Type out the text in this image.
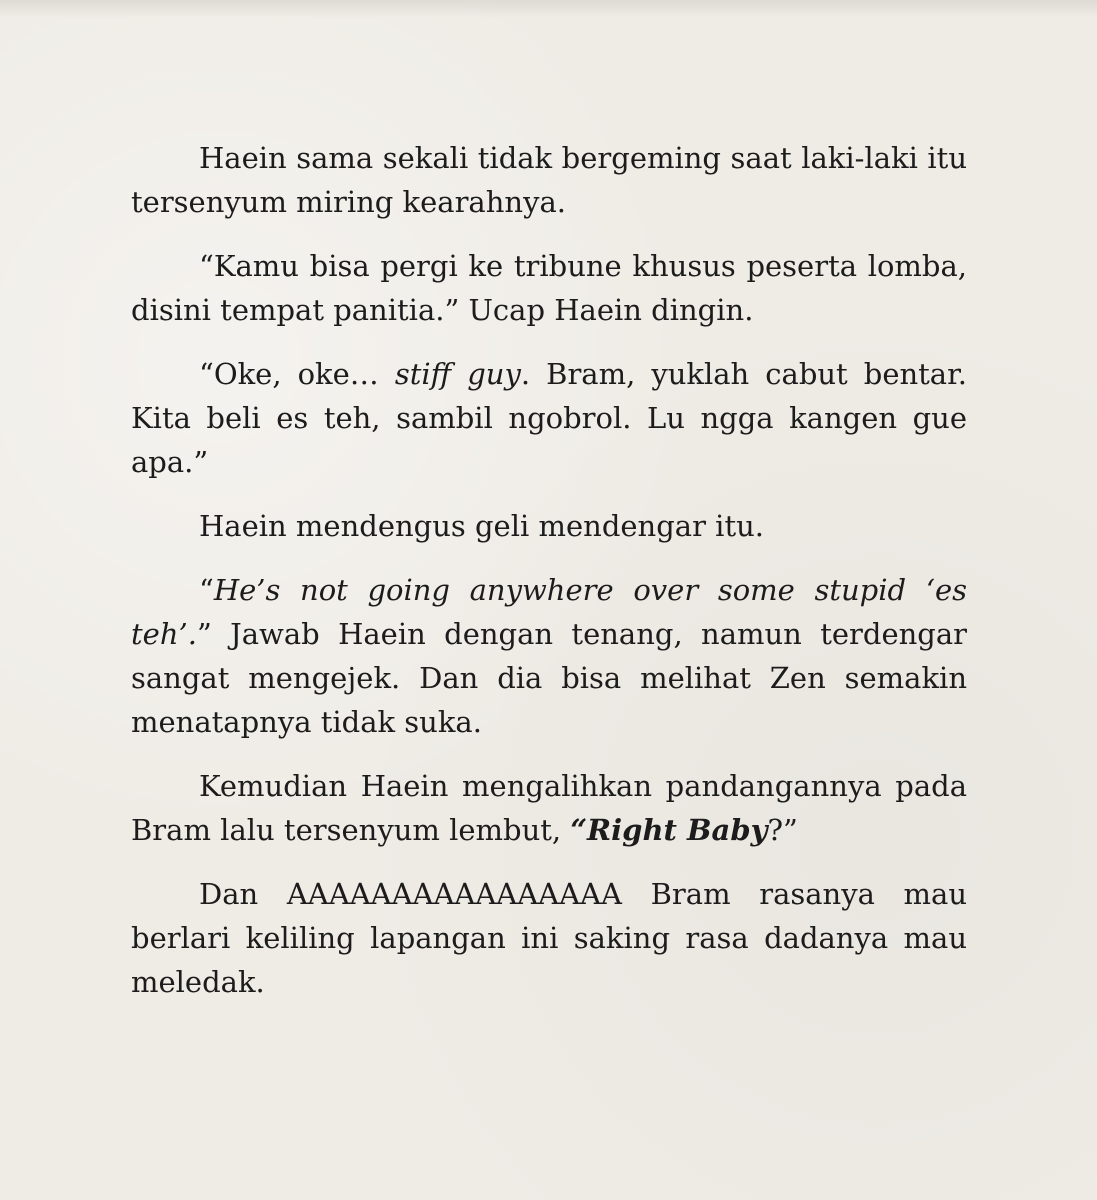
Haein sama sekali tidak bergeming saat laki-laki itu tersenyum miring kearahnya.

“Kamu bisa pergi ke tribune khusus peserta lomba, disini tempat panitia.” Ucap Haein dingin.

“Oke, oke… stiff guy. Bram, yuklah cabut bentar. Kita beli es teh, sambil ngobrol. Lu ngga kangen gue apa.”

Haein mendengus geli mendengar itu.

“He’s not going anywhere over some stupid ‘es teh’.” Jawab Haein dengan tenang, namun terdengar sangat mengejek. Dan dia bisa melihat Zen semakin menatapnya tidak suka.

Kemudian Haein mengalihkan pandangannya pada Bram lalu tersenyum lembut, “Right Baby?”

Dan AAAAAAAAAAAAAAAA Bram rasanya mau berlari keliling lapangan ini saking rasa dadanya mau meledak.
